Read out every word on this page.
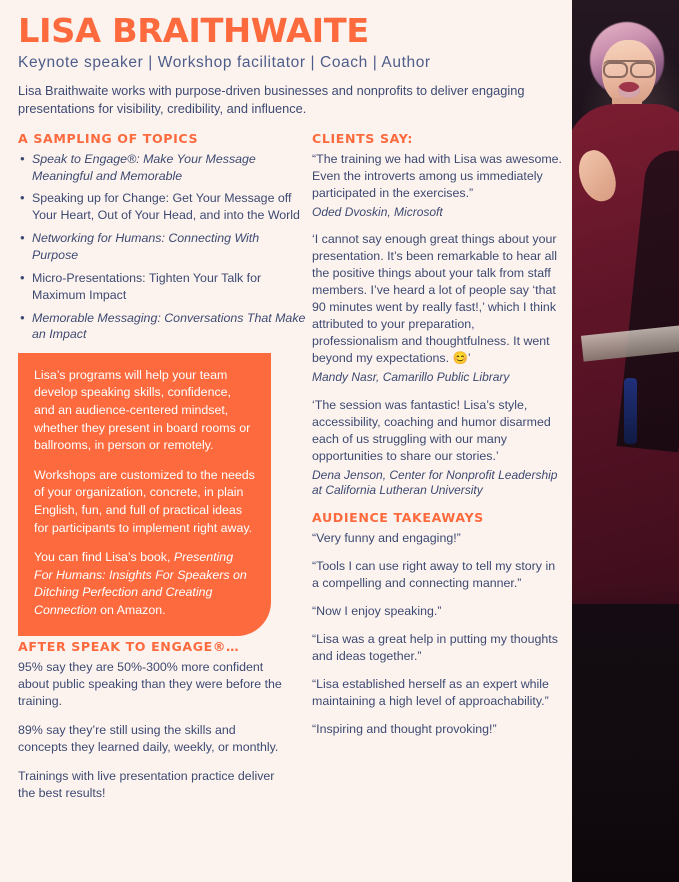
LISA BRAITHWAITE
Keynote speaker | Workshop facilitator | Coach | Author
Lisa Braithwaite works with purpose-driven businesses and nonprofits to deliver engaging presentations for visibility, credibility, and influence.
A SAMPLING OF TOPICS
• Speak to Engage®: Make Your Message Meaningful and Memorable
• Speaking up for Change: Get Your Message off Your Heart, Out of Your Head, and into the World
• Networking for Humans: Connecting With Purpose
• Micro-Presentations: Tighten Your Talk for Maximum Impact
• Memorable Messaging: Conversations That Make an Impact

Lisa’s programs will help your team develop speaking skills, confidence, and an audience-centered mindset, whether they present in board rooms or ballrooms, in person or remotely.

Workshops are customized to the needs of your organization, concrete, in plain English, fun, and full of practical ideas for participants to implement right away.

You can find Lisa’s book, Presenting For Humans: Insights For Speakers on Ditching Perfection and Creating Connection on Amazon.

AFTER SPEAK TO ENGAGE®…

95% say they are 50%-300% more confident about public speaking than they were before the training.

89% say they’re still using the skills and concepts they learned daily, weekly, or monthly.

Trainings with live presentation practice deliver the best results!

CLIENTS SAY:
“The training we had with Lisa was awesome. Even the introverts among us immediately participated in the exercises.”
Oded Dvoskin, Microsoft
‘I cannot say enough great things about your presentation. It’s been remarkable to hear all the positive things about your talk from staff members. I’ve heard a lot of people say ‘that 90 minutes went by really fast!,’ which I think attributed to your preparation, professionalism and thoughtfulness. It went beyond my expectations. 😊’
Mandy Nasr, Camarillo Public Library
‘The session was fantastic! Lisa’s style, accessibility, coaching and humor disarmed each of us struggling with our many opportunities to share our stories.’
Dena Jenson, Center for Nonprofit Leadership at California Lutheran University
AUDIENCE TAKEAWAYS
“Very funny and engaging!”
“Tools I can use right away to tell my story in a compelling and connecting manner.”
“Now I enjoy speaking.”
“Lisa was a great help in putting my thoughts and ideas together.”
“Lisa established herself as an expert while maintaining a high level of approachability.”
“Inspiring and thought provoking!”
